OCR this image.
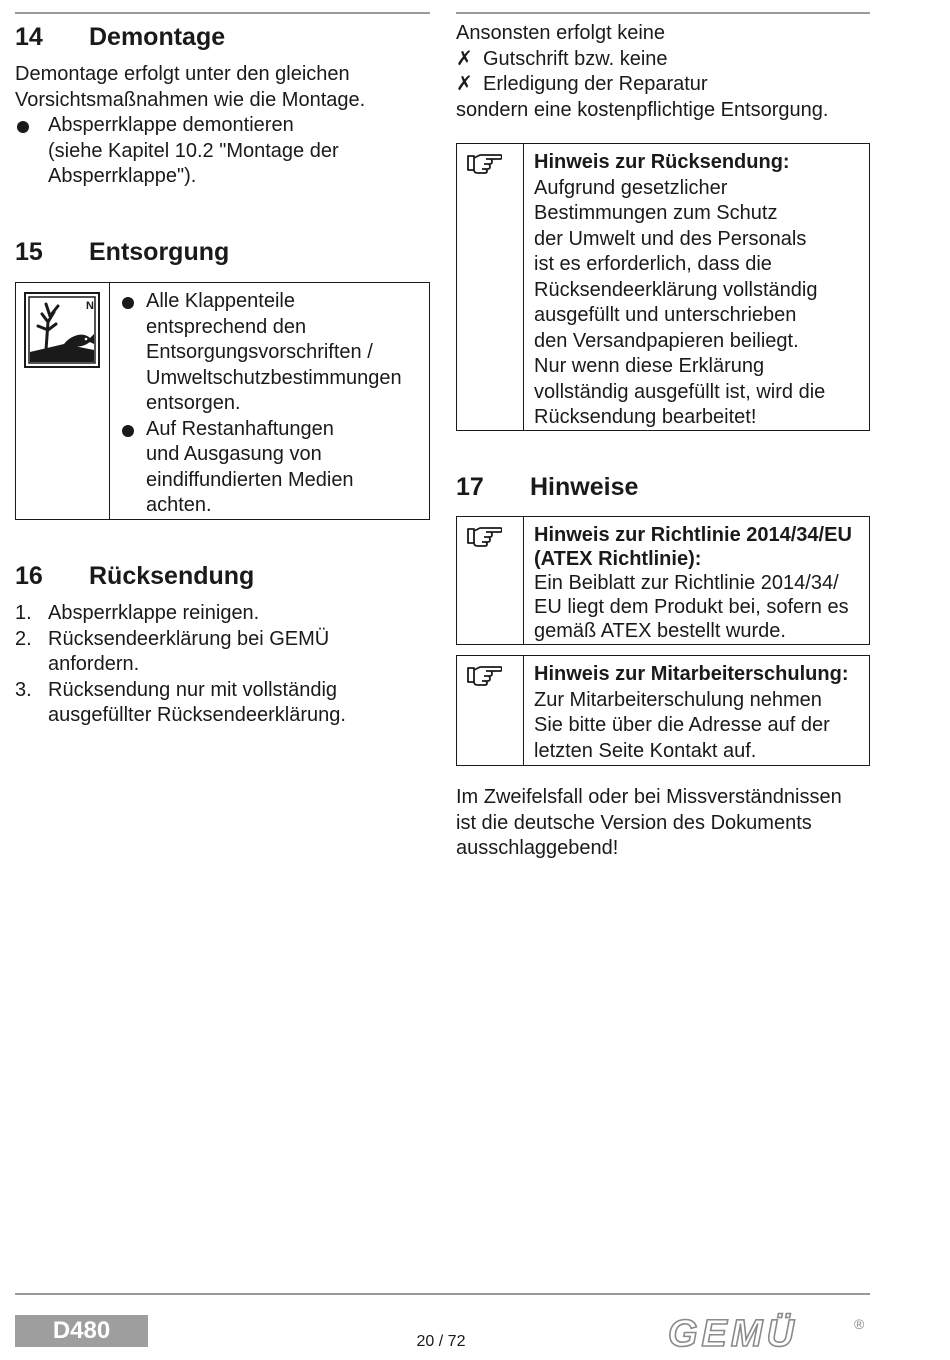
14	Demontage

Demontage erfolgt unter den gleichen

Vorsichtsmaßnahmen wie die Montage.

Absperrklappe demontieren
(siehe Kapitel 10.2 "Montage der
Absperrklappe").
15	Entsorgung
N	Alle Klappenteile
entsprechend den
Entsorgungsvorschriften /
Umweltschutzbestimmungen
entsorgen.
Auf Restanhaftungen
und Ausgasung von
eindiffundierten Medien
achten.
16	Rücksendung
1. Absperrklappe reinigen.
2. Rücksendeerklärung bei GEMÜ
anfordern.
3. Rücksendung nur mit vollständig
ausgefüllter Rücksendeerklärung.

Ansonsten erfolgt keine

✗ Gutschrift bzw. keine
✗ Erledigung der Reparatur

sondern eine kostenpflichtige Entsorgung.

Hinweis zur Rücksendung:
Aufgrund gesetzlicher
Bestimmungen zum Schutz
der Umwelt und des Personals
ist es erforderlich, dass die
Rücksendeerklärung vollständig
ausgefüllt und unterschrieben
den Versandpapieren beiliegt.
Nur wenn diese Erklärung
vollständig ausgefüllt ist, wird die
Rücksendung bearbeitet!
17	Hinweise
Hinweis zur Richtlinie 2014/34/EU
(ATEX Richtlinie):
Ein Beiblatt zur Richtlinie 2014/34/
EU liegt dem Produkt bei, sofern es
gemäß ATEX bestellt wurde.
Hinweis zur Mitarbeiterschulung:
Zur Mitarbeiterschulung nehmen
Sie bitte über die Adresse auf der
letzten Seite Kontakt auf.

Im Zweifelsfall oder bei Missverständnissen

ist die deutsche Version des Dokuments

ausschlaggebend!

D480	20 / 72	GEMÜ	®
